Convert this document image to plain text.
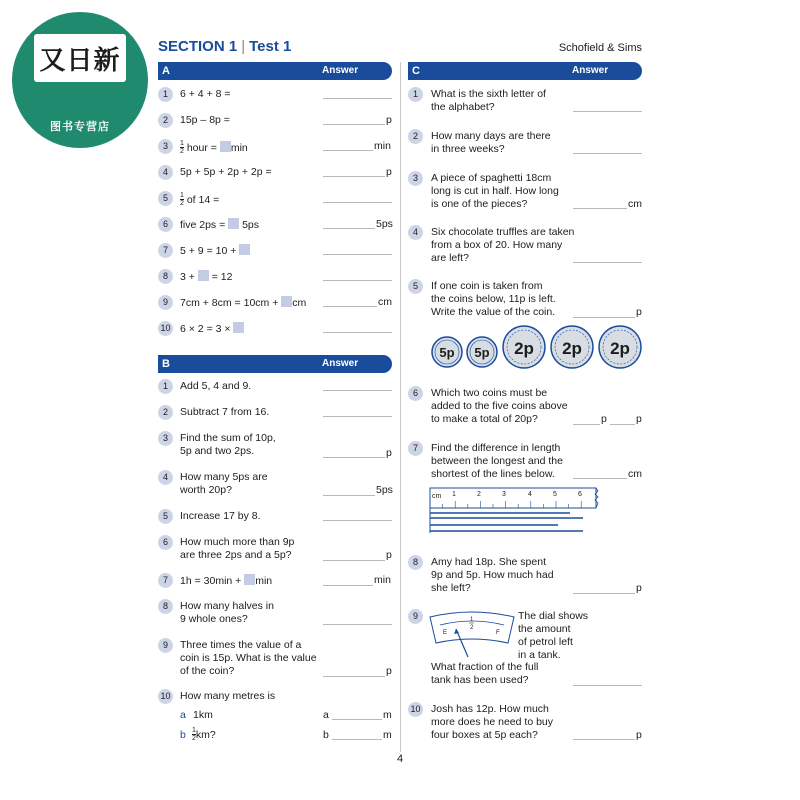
又日新
图书专营店
SECTION 1 | Test 1	Schofield & Sims
A	Answer
1	6 + 4 + 8 =
2	15p – 8p =	p
3	$\frac{1}{2}$ hour = min	min
4	5p + 5p + 2p + 2p =	p
5	$\frac{1}{2}$ of 14 =
6	five 2ps = 5ps	5ps
7	5 + 9 = 10 +
8	3 + = 12
9	7cm + 8cm = 10cm + cm	cm
10 6 × 2 = 3 ×
B	Answer
1	Add 5, 4 and 9.
2	Subtract 7 from 16.
3	Find the sum of 10p,
5p and two 2ps.	p
4	How many 5ps are
worth 20p?	5ps
5	Increase 17 by 8.
6	How much more than 9p
are three 2ps and a 5p?	p
7	1h = 30min + min	min
8	How many halves in
9 whole ones?
9	Three times the value of a
coin is 15p. What is the value
of the coin?	p
10 How many metres is
a 1km	a	m
b $\frac{1}{2}$ km?	b	m
C	Answer
1	What is the sixth letter of
the alphabet?
2	How many days are there
in three weeks?
3	A piece of spaghetti 18cm
long is cut in half. How long
is one of the pieces?	cm
4	Six chocolate truffles are taken
from a box of 20. How many
are left?
5	If one coin is taken from
the coins below, 11p is left.
Write the value of the coin.	p
5p 5p 2p 2p 2p
6	Which two coins must be
added to the five coins above
to make a total of 20p?	p	p
7	Find the difference in length
between the longest and the
shortest of the lines below.	cm
cm 1	2	3	4	5	6
8	Amy had 18p. She spent
9p and 5p. How much had
she left?	p
9
E	F
1
2
The dial shows
the amount
of petrol left
in a tank.
What fraction of the full
tank has been used?
10 Josh has 12p. How much
more does he need to buy
four boxes at 5p each?	p
4
